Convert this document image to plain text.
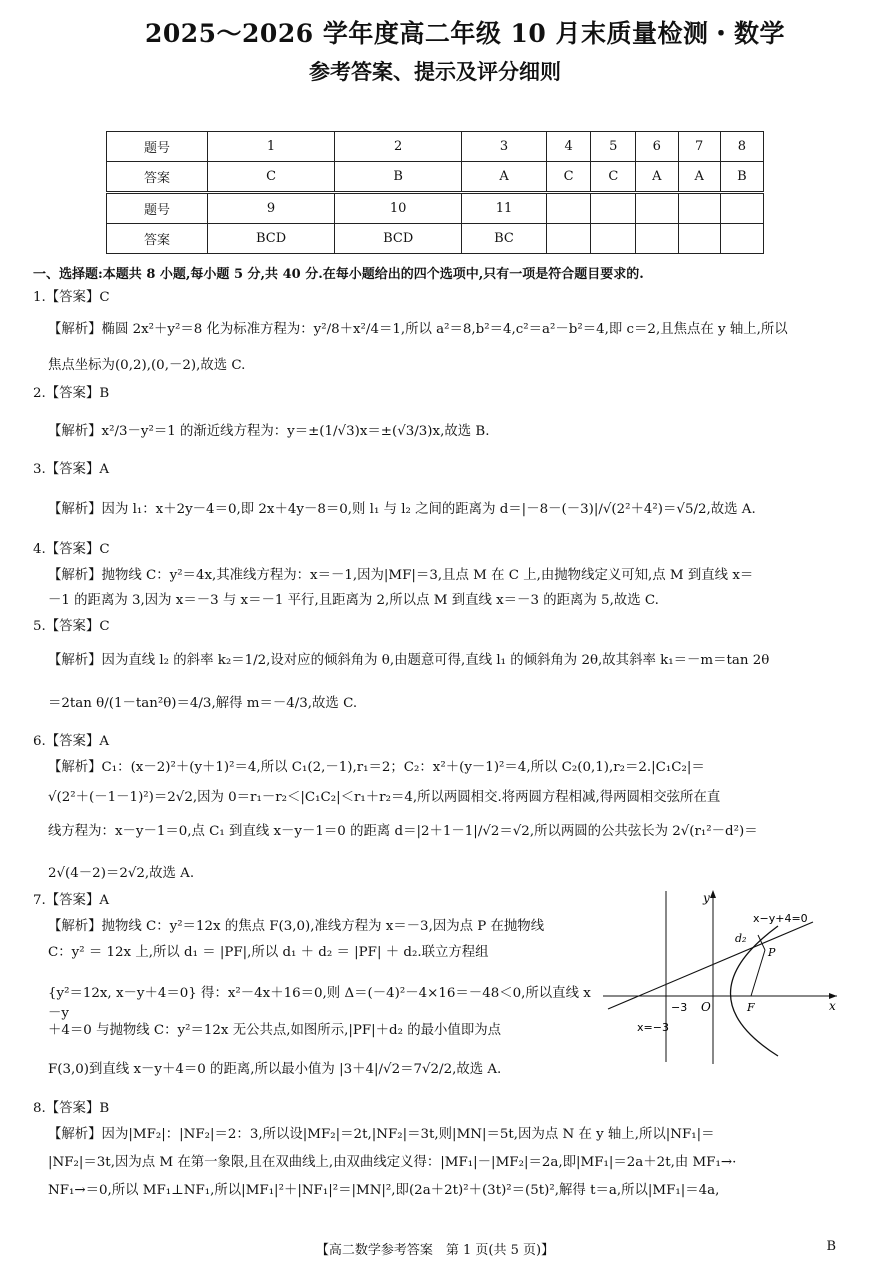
2025～2026 学年度高二年级 10 月末质量检测・数学
参考答案、提示及评分细则
题号	1	2	3	4	5	6	7	8
答案	C	B	A	C	C	A	A	B
题号	9	10	11					
答案	BCD	BCD	BC					
一、选择题:本题共 8 小题,每小题 5 分,共 40 分.在每小题给出的四个选项中,只有一项是符合题目要求的.
1.【答案】C
【解析】椭圆 2x²＋y²＝8 化为标准方程为：y²/8＋x²/4＝1,所以 a²＝8,b²＝4,c²＝a²－b²＝4,即 c＝2,且焦点在 y 轴上,所以
焦点坐标为(0,2),(0,－2),故选 C.
2.【答案】B
【解析】x²/3－y²＝1 的渐近线方程为：y＝±(1/√3)x＝±(√3/3)x,故选 B.
3.【答案】A
【解析】因为 l₁：x＋2y－4＝0,即 2x＋4y－8＝0,则 l₁ 与 l₂ 之间的距离为 d＝|－8－(－3)|/√(2²＋4²)＝√5/2,故选 A.
4.【答案】C
【解析】抛物线 C：y²＝4x,其准线方程为：x＝－1,因为|MF|＝3,且点 M 在 C 上,由抛物线定义可知,点 M 到直线 x＝
－1 的距离为 3,因为 x＝－3 与 x＝－1 平行,且距离为 2,所以点 M 到直线 x＝－3 的距离为 5,故选 C.
5.【答案】C
【解析】因为直线 l₂ 的斜率 k₂＝1/2,设对应的倾斜角为 θ,由题意可得,直线 l₁ 的倾斜角为 2θ,故其斜率 k₁＝－m＝tan 2θ
＝2tan θ/(1－tan²θ)＝4/3,解得 m＝－4/3,故选 C.
6.【答案】A
【解析】C₁：(x－2)²＋(y＋1)²＝4,所以 C₁(2,－1),r₁＝2；C₂：x²＋(y－1)²＝4,所以 C₂(0,1),r₂＝2.|C₁C₂|＝
√(2²＋(－1－1)²)＝2√2,因为 0＝r₁－r₂＜|C₁C₂|＜r₁＋r₂＝4,所以两圆相交.将两圆方程相减,得两圆相交弦所在直
线方程为：x－y－1＝0,点 C₁ 到直线 x－y－1＝0 的距离 d＝|2＋1－1|/√2＝√2,所以两圆的公共弦长为 2√(r₁²－d²)＝
2√(4－2)＝2√2,故选 A.
7.【答案】A
【解析】抛物线 C：y²＝12x 的焦点 F(3,0),准线方程为 x＝－3,因为点 P 在抛物线
C：y² ＝ 12x 上,所以 d₁ ＝ |PF|,所以 d₁ ＋ d₂ ＝ |PF| ＋ d₂.联立方程组
{y²＝12x, x－y＋4＝0} 得：x²－4x＋16＝0,则 Δ＝(－4)²－4×16＝－48＜0,所以直线 x－y
＋4＝0 与抛物线 C：y²＝12x 无公共点,如图所示,|PF|＋d₂ 的最小值即为点
F(3,0)到直线 x－y＋4＝0 的距离,所以最小值为 |3＋4|/√2＝7√2/2,故选 A.
y
x
O
x−y+4=0
d₂
P
F
−3
x=−3
8.【答案】B
【解析】因为|MF₂|：|NF₂|＝2：3,所以设|MF₂|＝2t,|NF₂|＝3t,则|MN|＝5t,因为点 N 在 y 轴上,所以|NF₁|＝
|NF₂|＝3t,因为点 M 在第一象限,且在双曲线上,由双曲线定义得：|MF₁|－|MF₂|＝2a,即|MF₁|＝2a＋2t,由 MF₁→·
NF₁→＝0,所以 MF₁⊥NF₁,所以|MF₁|²＋|NF₁|²＝|MN|²,即(2a＋2t)²＋(3t)²＝(5t)²,解得 t＝a,所以|MF₁|＝4a,
【高二数学参考答案　第 1 页(共 5 页)】	B
